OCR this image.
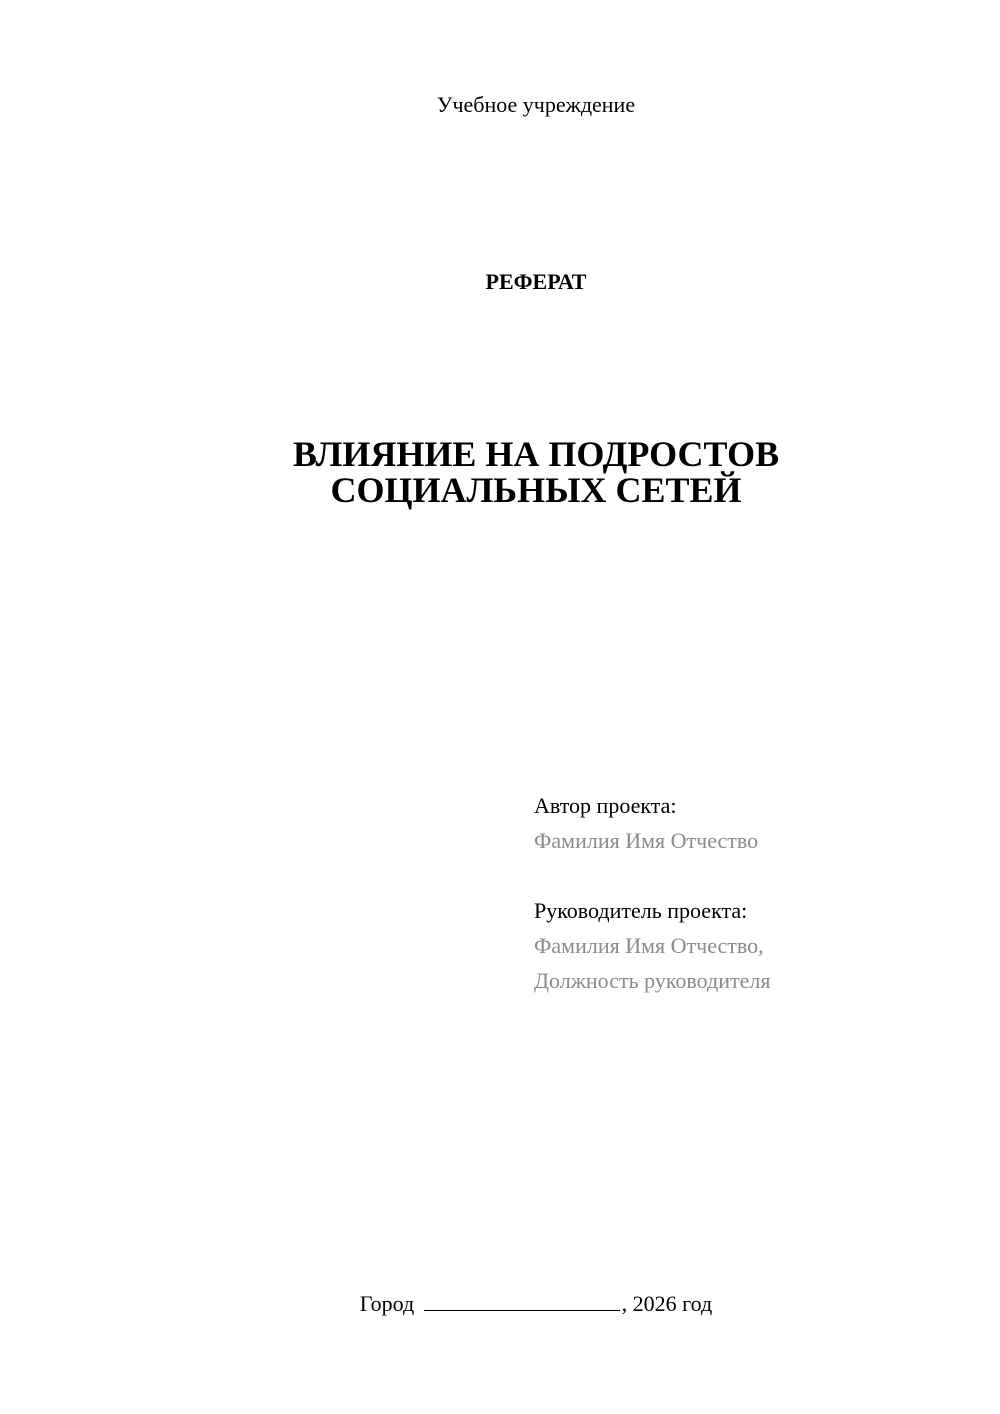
Учебное учреждение
РЕФЕРАТ
ВЛИЯНИЕ НА ПОДРОСТОВ
СОЦИАЛЬНЫХ СЕТЕЙ
Автор проекта:
Фамилия Имя Отчество
Руководитель проекта:
Фамилия Имя Отчество,
Должность руководителя
Город	, 2026 год
